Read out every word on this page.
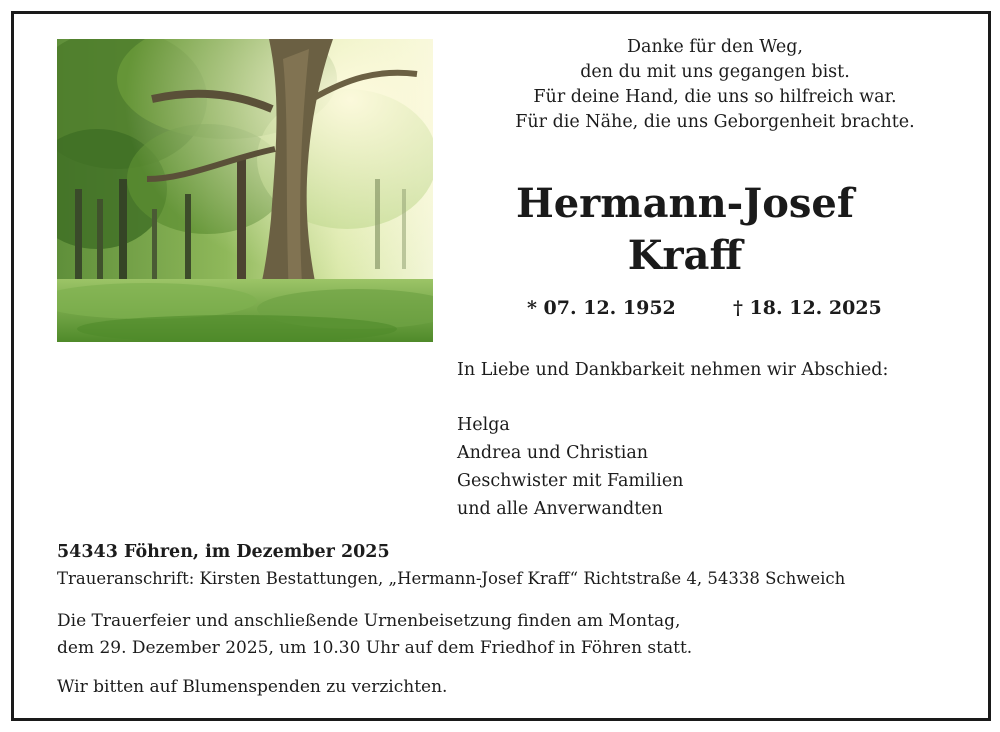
Danke für den Weg,
den du mit uns gegangen bist.
Für deine Hand, die uns so hilfreich war.
Für die Nähe, die uns Geborgenheit brachte.
Hermann-Josef
Kraff
* 07. 12. 1952	† 18. 12. 2025
In Liebe und Dankbarkeit nehmen wir Abschied:
Helga
Andrea und Christian
Geschwister mit Familien
und alle Anverwandten
54343 Föhren, im Dezember 2025
Traueranschrift: Kirsten Bestattungen, „Hermann-Josef Kraff“ Richtstraße 4, 54338 Schweich
Die Trauerfeier und anschließende Urnenbeisetzung finden am Montag,
dem 29. Dezember 2025, um 10.30 Uhr auf dem Friedhof in Föhren statt.
Wir bitten auf Blumenspenden zu verzichten.
